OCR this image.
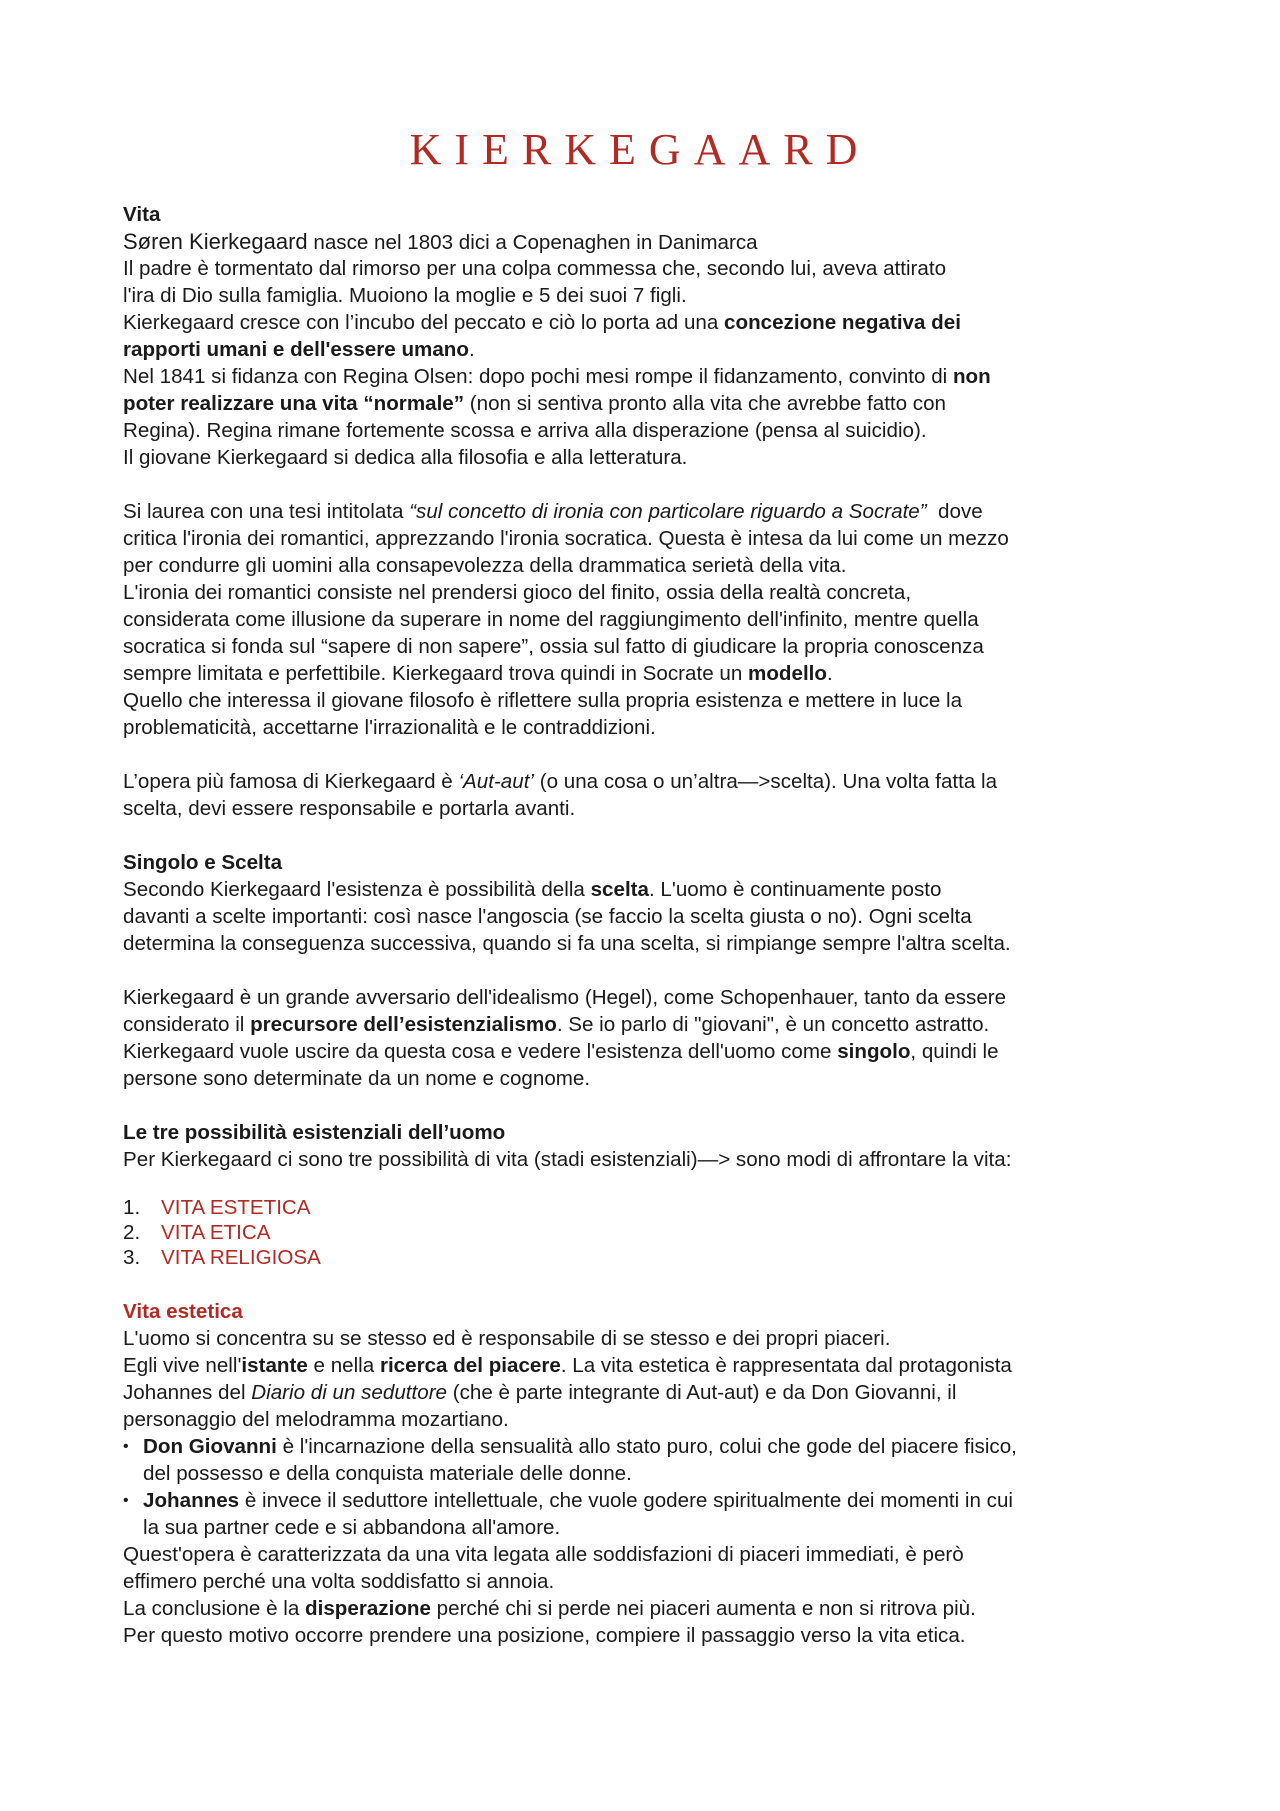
KIERKEGAARD
Vita
Søren Kierkegaard nasce nel 1803 dici a Copenaghen in Danimarca
Il padre è tormentato dal rimorso per una colpa commessa che, secondo lui, aveva attirato
l'ira di Dio sulla famiglia. Muoiono la moglie e 5 dei suoi 7 figli.
Kierkegaard cresce con l’incubo del peccato e ciò lo porta ad una concezione negativa dei
rapporti umani e dell'essere umano.
Nel 1841 si fidanza con Regina Olsen: dopo pochi mesi rompe il fidanzamento, convinto di non
poter realizzare una vita “normale” (non si sentiva pronto alla vita che avrebbe fatto con
Regina). Regina rimane fortemente scossa e arriva alla disperazione (pensa al suicidio).
Il giovane Kierkegaard si dedica alla filosofia e alla letteratura.
Si laurea con una tesi intitolata “sul concetto di ironia con particolare riguardo a Socrate”  dove
critica l'ironia dei romantici, apprezzando l'ironia socratica. Questa è intesa da lui come un mezzo
per condurre gli uomini alla consapevolezza della drammatica serietà della vita.
L'ironia dei romantici consiste nel prendersi gioco del finito, ossia della realtà concreta,
considerata come illusione da superare in nome del raggiungimento dell'infinito, mentre quella
socratica si fonda sul “sapere di non sapere”, ossia sul fatto di giudicare la propria conoscenza
sempre limitata e perfettibile. Kierkegaard trova quindi in Socrate un modello.
Quello che interessa il giovane filosofo è riflettere sulla propria esistenza e mettere in luce la
problematicità, accettarne l'irrazionalità e le contraddizioni.
L’opera più famosa di Kierkegaard è ‘Aut-aut’ (o una cosa o un’altra—>scelta). Una volta fatta la
scelta, devi essere responsabile e portarla avanti.
Singolo e Scelta
Secondo Kierkegaard l'esistenza è possibilità della scelta. L'uomo è continuamente posto
davanti a scelte importanti: così nasce l'angoscia (se faccio la scelta giusta o no). Ogni scelta
determina la conseguenza successiva, quando si fa una scelta, si rimpiange sempre l'altra scelta.
Kierkegaard è un grande avversario dell'idealismo (Hegel), come Schopenhauer, tanto da essere
considerato il precursore dell’esistenzialismo. Se io parlo di "giovani", è un concetto astratto.
Kierkegaard vuole uscire da questa cosa e vedere l'esistenza dell'uomo come singolo, quindi le
persone sono determinate da un nome e cognome.
Le tre possibilità esistenziali dell’uomo
Per Kierkegaard ci sono tre possibilità di vita (stadi esistenziali)—> sono modi di affrontare la vita:
1. VITA ESTETICA
2. VITA ETICA
3. VITA RELIGIOSA
Vita estetica
L'uomo si concentra su se stesso ed è responsabile di se stesso e dei propri piaceri.
Egli vive nell'istante e nella ricerca del piacere. La vita estetica è rappresentata dal protagonista
Johannes del Diario di un seduttore (che è parte integrante di Aut-aut) e da Don Giovanni, il
personaggio del melodramma mozartiano.
• Don Giovanni è l'incarnazione della sensualità allo stato puro, colui che gode del piacere fisico,
del possesso e della conquista materiale delle donne.
• Johannes è invece il seduttore intellettuale, che vuole godere spiritualmente dei momenti in cui
la sua partner cede e si abbandona all'amore.
Quest'opera è caratterizzata da una vita legata alle soddisfazioni di piaceri immediati, è però
effimero perché una volta soddisfatto si annoia.
La conclusione è la disperazione perché chi si perde nei piaceri aumenta e non si ritrova più.
Per questo motivo occorre prendere una posizione, compiere il passaggio verso la vita etica.
